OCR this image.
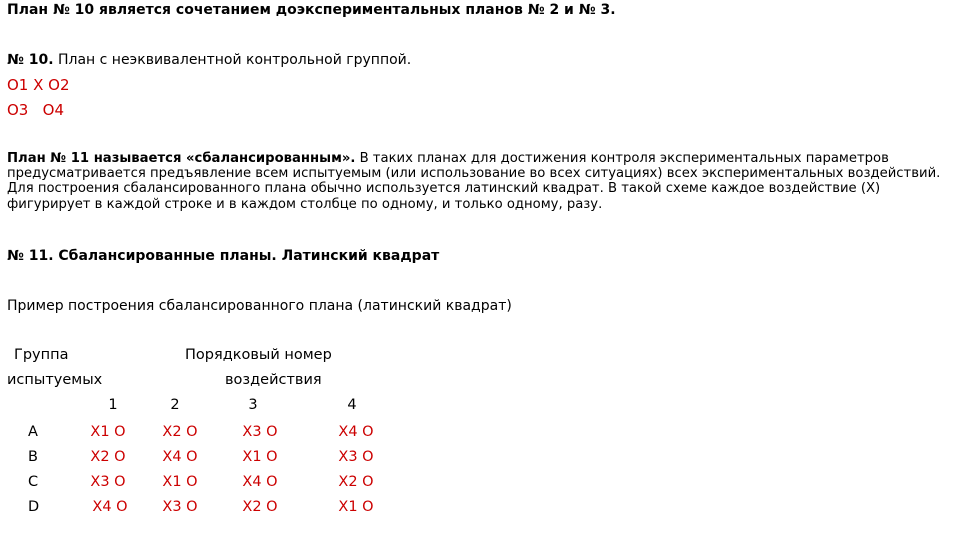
План № 10 является сочетанием доэкспериментальных планов № 2 и № 3.
№ 10. План с неэквивалентной контрольной группой.
О1 Х О2
О3   О4

План № 11 называется «сбалансированным». В таких планах для достижения контроля экспериментальных параметров предусматривается предъявление всем испытуемым (или использование во всех ситуациях) всех экспериментальных воздействий. Для построения сбалансированного плана обычно используется латинский квадрат. В такой схеме каждое воздействие (X) фигурирует в каждой строке и в каждом столбце по одному, и только одному, разу.

№ 11. Сбалансированные планы. Латинский квадрат
Пример построения сбалансированного плана (латинский квадрат)
Группа
испытуемых
Порядковый номер
воздействия
1	2	3	4
A	X1 O	X2 O	X3 O	X4 O
B	X2 O	X4 O	X1 O	X3 O
C	X3 O	X1 O	X4 O	X2 O
D	X4 O	X3 O	X2 O	X1 O
